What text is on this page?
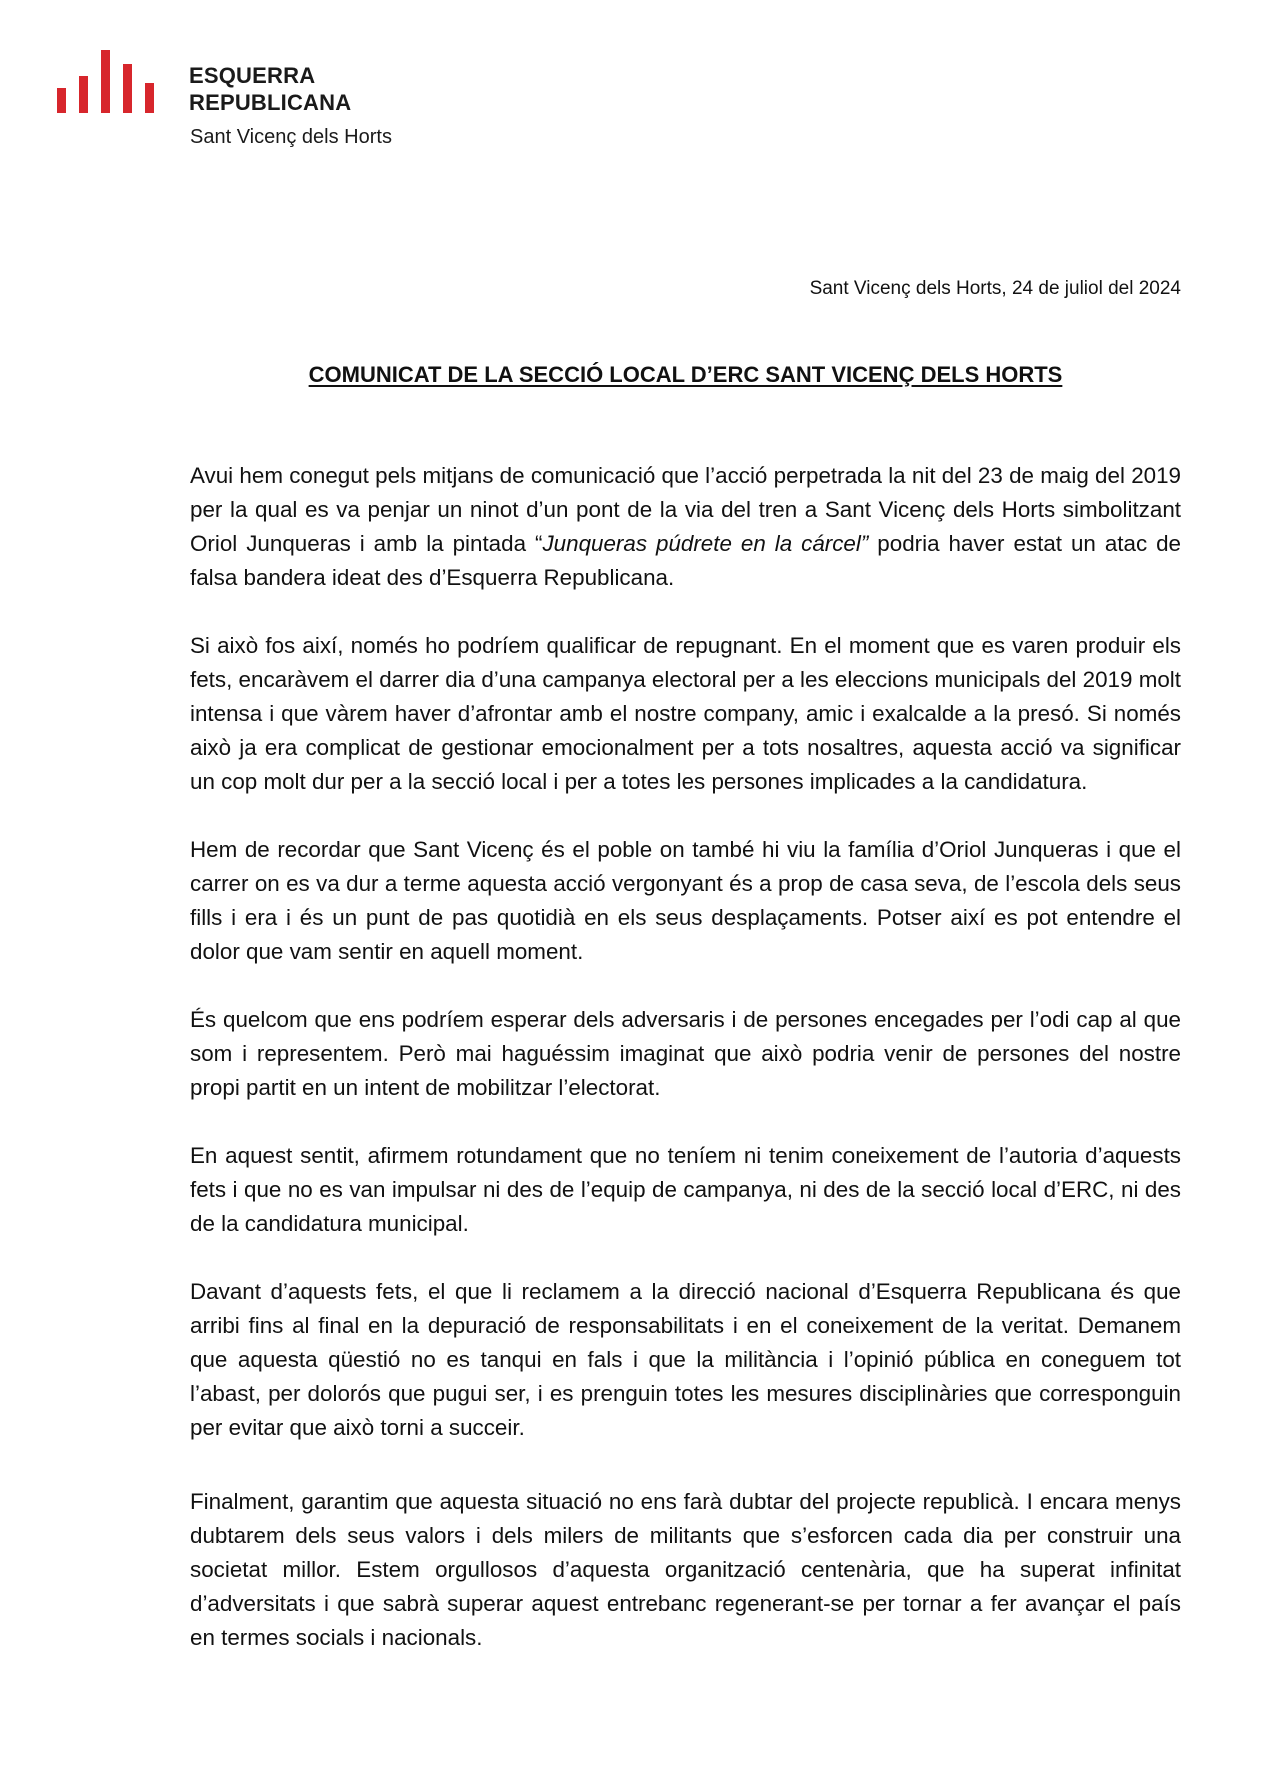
ESQUERRA
REPUBLICANA
Sant Vicenç dels Horts
Sant Vicenç dels Horts, 24 de juliol del 2024
COMUNICAT DE LA SECCIÓ LOCAL D’ERC SANT VICENÇ DELS HORTS

Avui hem conegut pels mitjans de comunicació que l’acció perpetrada la nit del 23 de maig del 2019 per la qual es va penjar un ninot d’un pont de la via del tren a Sant Vicenç dels Horts simbolitzant Oriol Junqueras i amb la pintada “Junqueras púdrete en la cárcel” podria haver estat un atac de falsa bandera ideat des d’Esquerra Republicana.

Si això fos així, només ho podríem qualificar de repugnant. En el moment que es varen produir els fets, encaràvem el darrer dia d’una campanya electoral per a les eleccions municipals del 2019 molt intensa i que vàrem haver d’afrontar amb el nostre company, amic i exalcalde a la presó. Si només això ja era complicat de gestionar emocionalment per a tots nosaltres, aquesta acció va significar un cop molt dur per a la secció local i per a totes les persones implicades a la candidatura.

Hem de recordar que Sant Vicenç és el poble on també hi viu la família d’Oriol Junqueras i que el carrer on es va dur a terme aquesta acció vergonyant és a prop de casa seva, de l’escola dels seus fills i era i és un punt de pas quotidià en els seus desplaçaments. Potser així es pot entendre el dolor que vam sentir en aquell moment.

És quelcom que ens podríem esperar dels adversaris i de persones encegades per l’odi cap al que som i representem. Però mai haguéssim imaginat que això podria venir de persones del nostre propi partit en un intent de mobilitzar l’electorat.

En aquest sentit, afirmem rotundament que no teníem ni tenim coneixement de l’autoria d’aquests fets i que no es van impulsar ni des de l’equip de campanya, ni des de la secció local d’ERC, ni des de la candidatura municipal.

Davant d’aquests fets, el que li reclamem a la direcció nacional d’Esquerra Republicana és que arribi fins al final en la depuració de responsabilitats i en el coneixement de la veritat. Demanem que aquesta qüestió no es tanqui en fals i que la militància i l’opinió pública en coneguem tot l’abast, per dolorós que pugui ser, i es prenguin totes les mesures disciplinàries que corresponguin per evitar que això torni a succeir.

Finalment, garantim que aquesta situació no ens farà dubtar del projecte republicà. I encara menys dubtarem dels seus valors i dels milers de militants que s’esforcen cada dia per construir una societat millor. Estem orgullosos d’aquesta organització centenària, que ha superat infinitat d’adversitats i que sabrà superar aquest entrebanc regenerant-se per tornar a fer avançar el país en termes socials i nacionals.
